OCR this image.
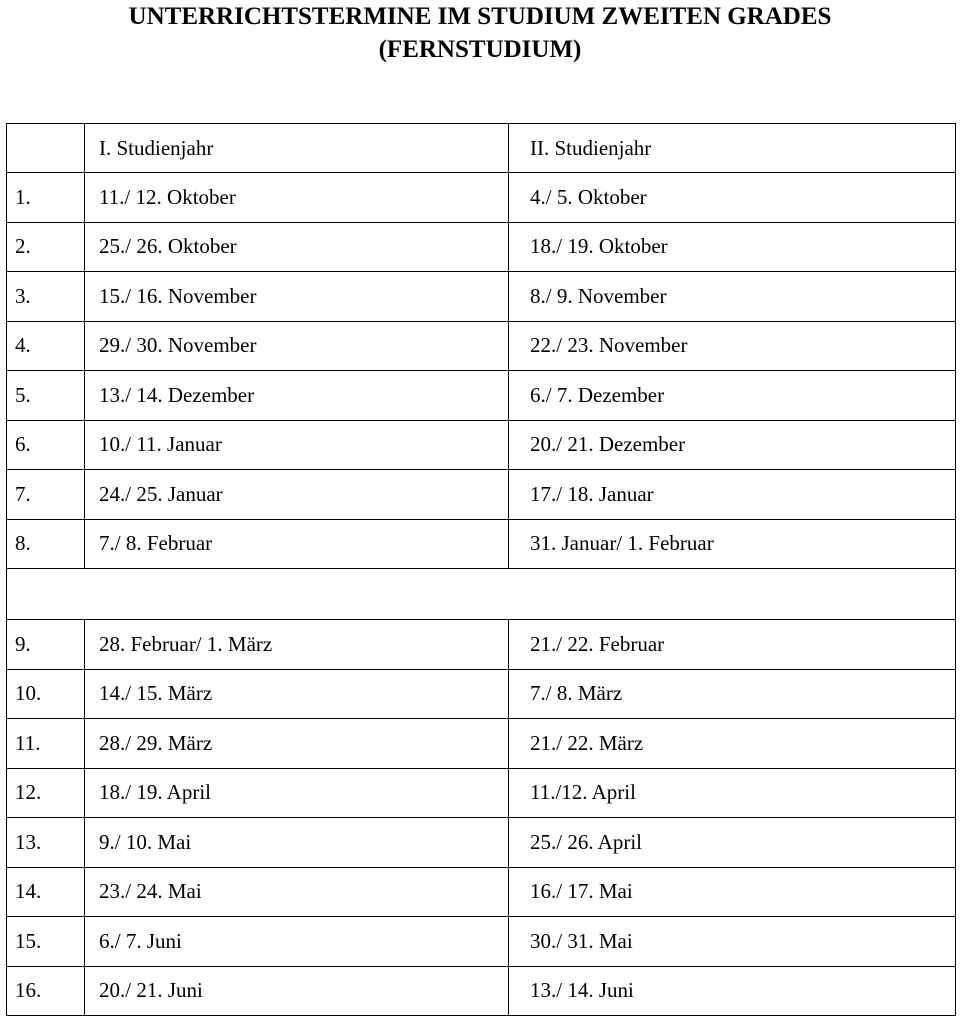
UNTERRICHTSTERMINE IM STUDIUM ZWEITEN GRADES
(FERNSTUDIUM)
	I. Studienjahr	II. Studienjahr
1.	11./ 12. Oktober	4./ 5. Oktober
2.	25./ 26. Oktober	18./ 19. Oktober
3.	15./ 16. November	8./ 9. November
4.	29./ 30. November	22./ 23. November
5.	13./ 14. Dezember	6./ 7. Dezember
6.	10./ 11. Januar	20./ 21. Dezember
7.	24./ 25. Januar	17./ 18. Januar
8.	7./ 8. Februar	31. Januar/ 1. Februar

9.	28. Februar/ 1. März	21./ 22. Februar
10.	14./ 15. März	7./ 8. März
11.	28./ 29. März	21./ 22. März
12.	18./ 19. April	11./12. April
13.	9./ 10. Mai	25./ 26. April
14.	23./ 24. Mai	16./ 17. Mai
15.	6./ 7. Juni	30./ 31. Mai
16.	20./ 21. Juni	13./ 14. Juni
